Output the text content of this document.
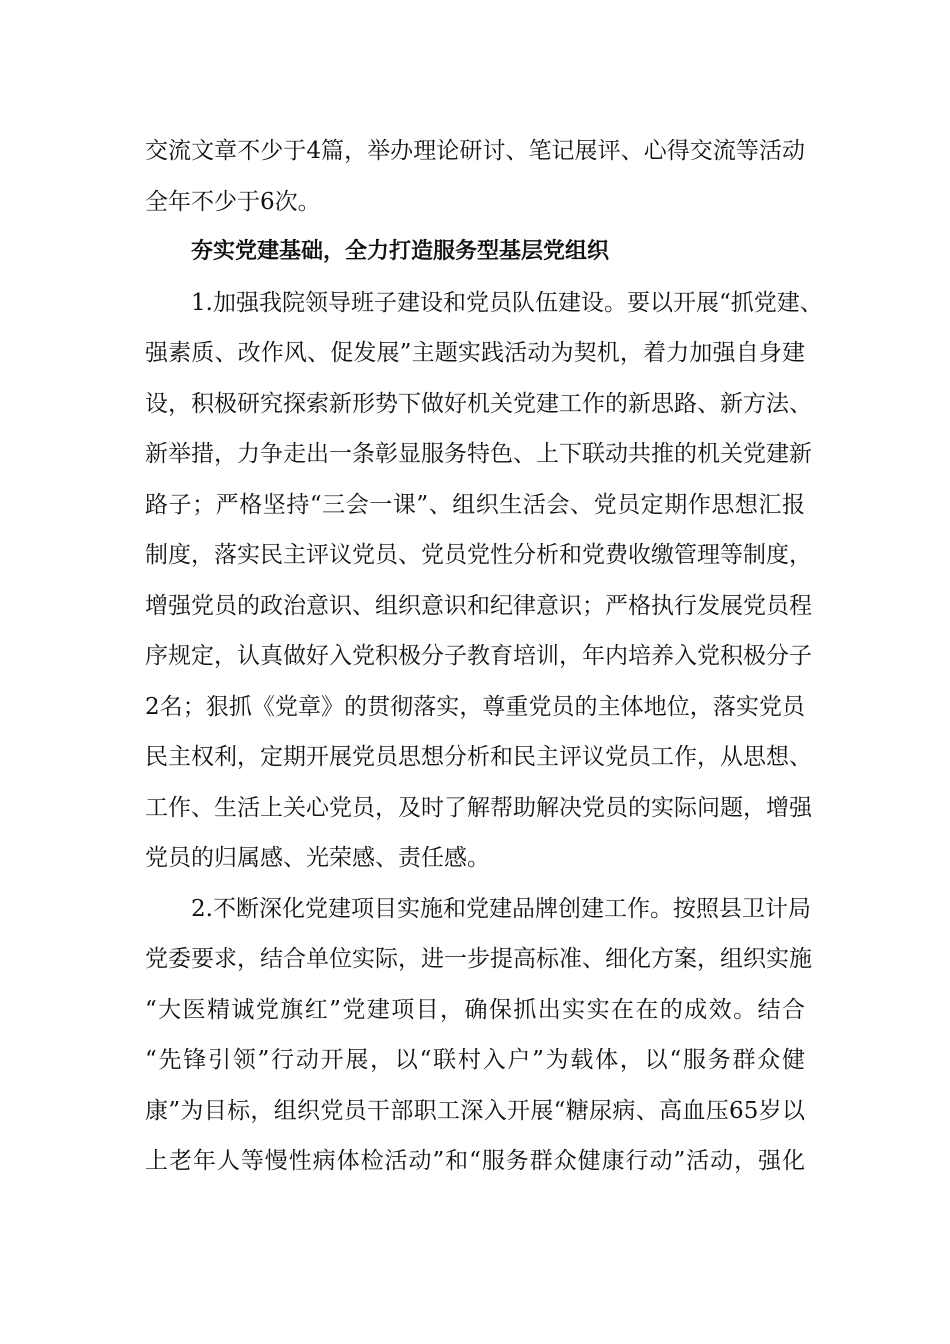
交流文章不少于4篇，举办理论研讨、笔记展评、心得交流等活动
全年不少于6次。
夯实党建基础，全力打造服务型基层党组织
1.加强我院领导班子建设和党员队伍建设。要以开展“抓党建、
强素质、改作风、促发展”主题实践活动为契机，着力加强自身建
设，积极研究探索新形势下做好机关党建工作的新思路、新方法、
新举措，力争走出一条彰显服务特色、上下联动共推的机关党建新
路子；严格坚持“三会一课”、组织生活会、党员定期作思想汇报
制度，落实民主评议党员、党员党性分析和党费收缴管理等制度，
增强党员的政治意识、组织意识和纪律意识；严格执行发展党员程
序规定，认真做好入党积极分子教育培训，年内培养入党积极分子
2名；狠抓《党章》的贯彻落实，尊重党员的主体地位，落实党员
民主权利，定期开展党员思想分析和民主评议党员工作，从思想、
工作、生活上关心党员，及时了解帮助解决党员的实际问题，增强
党员的归属感、光荣感、责任感。
2.不断深化党建项目实施和党建品牌创建工作。按照县卫计局
党委要求，结合单位实际，进一步提高标准、细化方案，组织实施
“大医精诚党旗红”党建项目，确保抓出实实在在的成效。结合
“先锋引领”行动开展，以“联村入户”为载体，以“服务群众健
康”为目标，组织党员干部职工深入开展“糖尿病、高血压65岁以
上老年人等慢性病体检活动”和“服务群众健康行动”活动，强化
